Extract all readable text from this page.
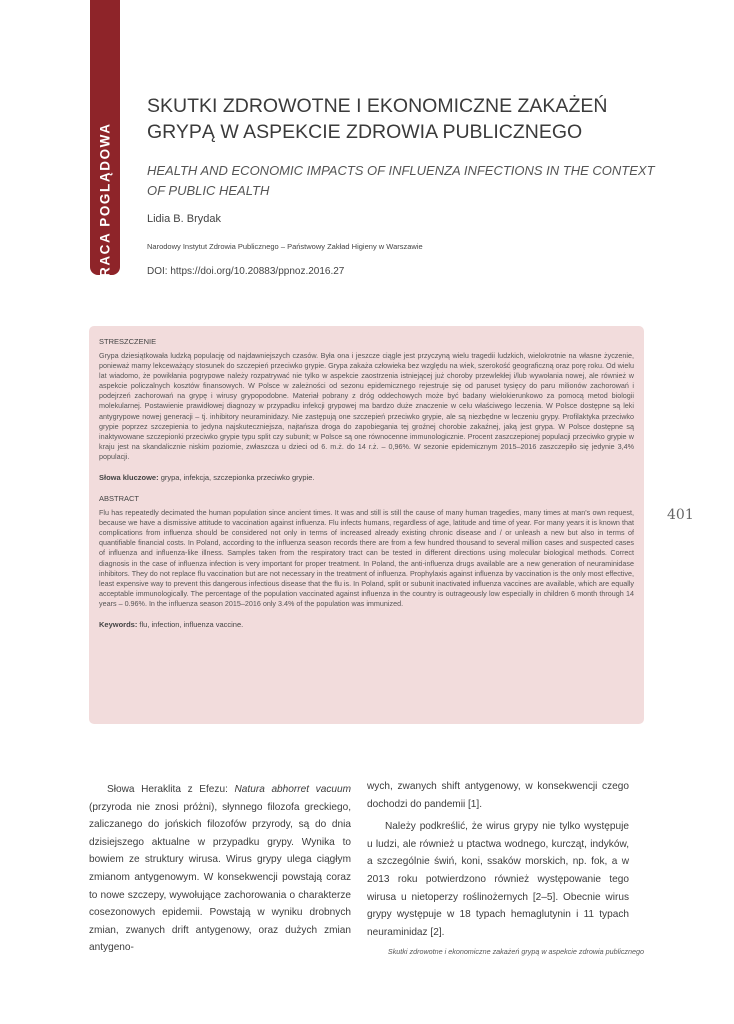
PRACA POGLĄDOWA
SKUTKI ZDROWOTNE I EKONOMICZNE ZAKAŻEŃ GRYPĄ W ASPEKCIE ZDROWIA PUBLICZNEGO
HEALTH AND ECONOMIC IMPACTS OF INFLUENZA INFECTIONS IN THE CONTEXT OF PUBLIC HEALTH

Lidia B. Brydak

Narodowy Instytut Zdrowia Publicznego – Państwowy Zakład Higieny w Warszawie

DOI: https://doi.org/10.20883/ppnoz.2016.27

STRESZCZENIE

Grypa dziesiątkowała ludzką populację od najdawniejszych czasów. Była ona i jeszcze ciągle jest przyczyną wielu tragedii ludzkich, wielokrotnie na własne życzenie, ponieważ mamy lekceważący stosunek do szczepień przeciwko grypie. Grypa zakaża człowieka bez względu na wiek, szerokość geograficzną oraz porę roku. Od wielu lat wiadomo, że powikłania pogrypowe należy rozpatrywać nie tylko w aspekcie zaostrzenia istniejącej już choroby przewlekłej i/lub wywołania nowej, ale również w aspekcie policzalnych kosztów finansowych. W Polsce w zależności od sezonu epidemicznego rejestruje się od paruset tysięcy do paru milionów zachorowań i podejrzeń zachorowań na grypę i wirusy grypopodobne. Materiał pobrany z dróg oddechowych może być badany wielokierunkowo za pomocą metod biologii molekularnej. Postawienie prawidłowej diagnozy w przypadku infekcji grypowej ma bardzo duże znaczenie w celu właściwego leczenia. W Polsce dostępne są leki antygrypowe nowej generacji – tj. inhibitory neuraminidazy. Nie zastępują one szczepień przeciwko grypie, ale są niezbędne w leczeniu grypy. Profilaktyka przeciwko grypie poprzez szczepienia to jedyna najskuteczniejsza, najtańsza droga do zapobiegania tej groźnej chorobie zakaźnej, jaką jest grypa. W Polsce dostępne są inaktywowane szczepionki przeciwko grypie typu split czy subunit; w Polsce są one równocenne immunologicznie. Procent zaszczepionej populacji przeciwko grypie w kraju jest na skandalicznie niskim poziomie, zwłaszcza u dzieci od 6. m.ż. do 14 r.ż. – 0,96%. W sezonie epidemicznym 2015–2016 zaszczepiło się jedynie 3,4% populacji.

Słowa kluczowe: grypa, infekcja, szczepionka przeciwko grypie.

ABSTRACT

Flu has repeatedly decimated the human population since ancient times. It was and still is still the cause of many human tragedies, many times at man's own request, because we have a dismissive attitude to vaccination against influenza. Flu infects humans, regardless of age, latitude and time of year. For many years it is known that complications from influenza should be considered not only in terms of increased already existing chronic disease and / or unleash a new but also in terms of quantifiable financial costs. In Poland, according to the influenza season records there are from a few hundred thousand to several million cases and suspected cases of influenza and influenza-like illness. Samples taken from the respiratory tract can be tested in different directions using molecular biological methods. Correct diagnosis in the case of influenza infection is very important for proper treatment. In Poland, the anti-influenza drugs available are a new generation of neuraminidase inhibitors. They do not replace flu vaccination but are not necessary in the treatment of influenza. Prophylaxis against influenza by vaccination is the only most effective, least expensive way to prevent this dangerous infectious disease that the flu is. In Poland, split or subunit inactivated influenza vaccines are available, which are equally acceptable immunologically. The percentage of the population vaccinated against influenza in the country is outrageously low especially in children 6 month through 14 years – 0.96%. In the influenza season 2015–2016 only 3.4% of the population was immunized.

Keywords: flu, infection, influenza vaccine.

401

Słowa Heraklita z Efezu: Natura abhorret vacuum (przyroda nie znosi próżni), słynnego filozofa greckiego, zaliczanego do jońskich filozofów przyrody, są do dnia dzisiejszego aktualne w przypadku grypy. Wynika to bowiem ze struktury wirusa. Wirus grypy ulega ciągłym zmianom antygenowym. W konsekwencji powstają coraz to nowe szczepy, wywołujące zachorowania o charakterze cosezonowych epidemii. Powstają w wyniku drobnych zmian, zwanych drift antygenowy, oraz dużych zmian antygeno-

wych, zwanych shift antygenowy, w konsekwencji czego dochodzi do pandemii [1].

Należy podkreślić, że wirus grypy nie tylko występuje u ludzi, ale również u ptactwa wodnego, kurcząt, indyków, a szczególnie świń, koni, ssaków morskich, np. fok, a w 2013 roku potwierdzono również występowanie tego wirusa u nietoperzy roślinożernych [2–5]. Obecnie wirus grypy występuje w 18 typach hemaglutynin i 11 typach neuraminidaz [2].

Skutki zdrowotne i ekonomiczne zakażeń grypą w aspekcie zdrowia publicznego
